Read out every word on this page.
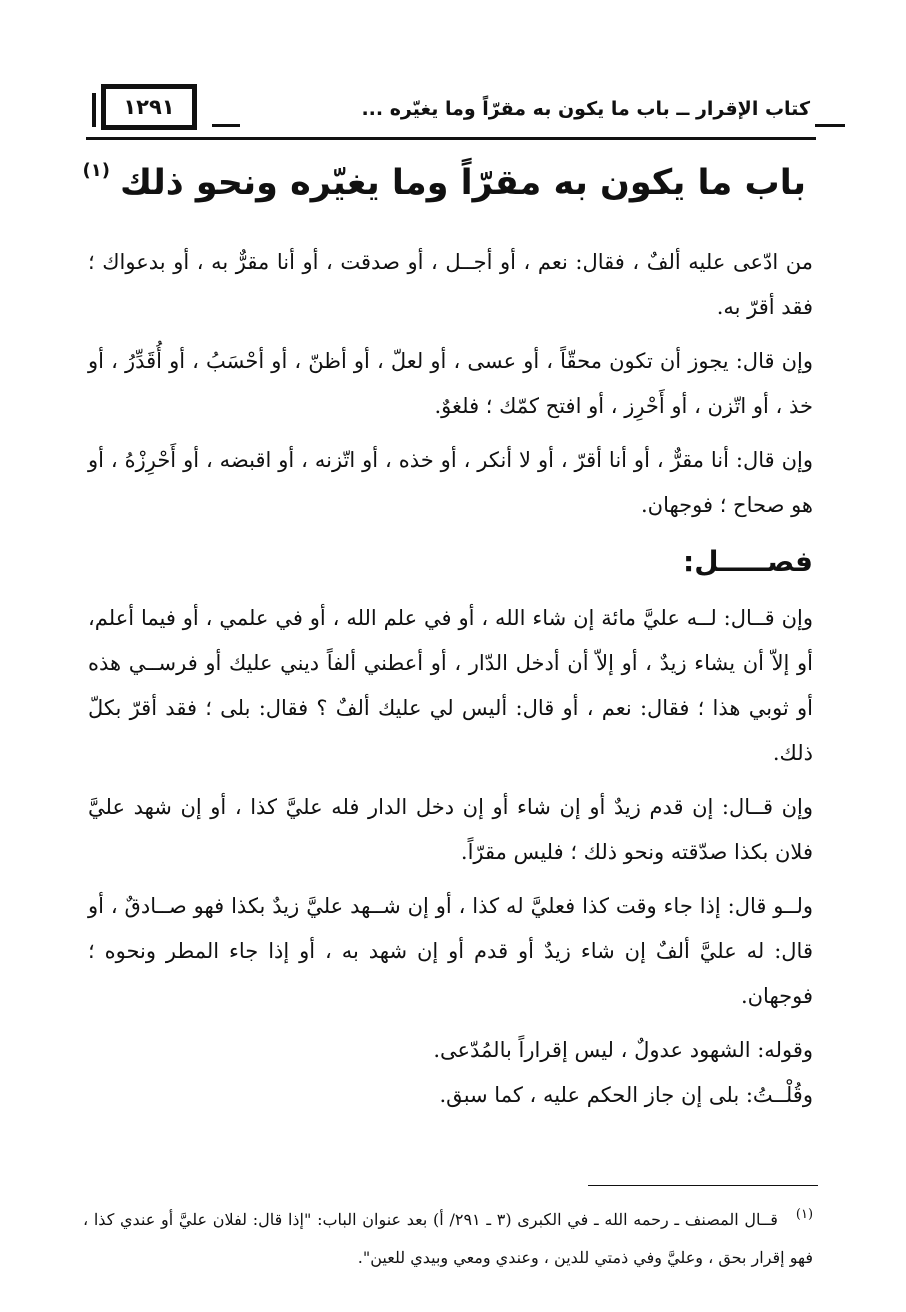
١٢٩١	كتاب الإقرار ــ باب ما يكون به مقرّاً وما يغيّره ...
باب ما يكون به مقرّاً وما يغيّره ونحو ذلك$^{(١)}$

من ادّعى عليه ألفٌ ، فقال: نعم ، أو أجــل ، أو صدقت ، أو أنا مقرٌّ به ، أو بدعواك ؛ فقد أقرّ به.

وإن قال: يجوز أن تكون محقّاً ، أو عسى ، أو لعلّ ، أو أظنّ ، أو أحْسَبُ ، أو أُقَدِّرُ ، أو خذ ، أو اتّزن ، أو أَحْرِز ، أو افتح كمّك ؛ فلغوٌ.

وإن قال: أنا مقرٌّ ، أو أنا أقرّ ، أو لا أنكر ، أو خذه ، أو اتّزنه ، أو اقبضه ، أو أَحْرِزْهُ ، أو هو صحاح ؛ فوجهان.

فصـــــل:

وإن قــال: لــه عليَّ مائة إن شاء الله ، أو في علم الله ، أو في علمي ، أو فيما أعلم، أو إلاّ أن يشاء زيدٌ ، أو إلاّ أن أدخل الدّار ، أو أعطني ألفاً ديني عليك أو فرســي هذه أو ثوبي هذا ؛ فقال: نعم ، أو قال: أليس لي عليك ألفٌ ؟ فقال: بلى ؛ فقد أقرّ بكلّ ذلك.

وإن قــال: إن قدم زيدٌ أو إن شاء أو إن دخل الدار فله عليَّ كذا ، أو إن شهد عليَّ فلان بكذا صدّقته ونحو ذلك ؛ فليس مقرّاً.

ولــو قال: إذا جاء وقت كذا فعليَّ له كذا ، أو إن شــهد عليَّ زيدٌ بكذا فهو صــادقٌ ، أو قال: له عليَّ ألفٌ إن شاء زيدٌ أو قدم أو إن شهد به ، أو إذا جاء المطر ونحوه ؛ فوجهان.

وقوله: الشهود عدولٌ ، ليس إقراراً بالمُدّعى.

وقُلْــتُ: بلى إن جاز الحكم عليه ، كما سبق.

$^{(١)}$قــال المصنف ـ رحمه الله ـ في الكبرى (٣ ـ ٢٩١/ أ) بعد عنوان الباب: "إذا قال: لفلان عليَّ أو عندي كذا ، فهو إقرار بحق ، وعليَّ وفي ذمتي للدين ، وعندي ومعي وبيدي للعين".
